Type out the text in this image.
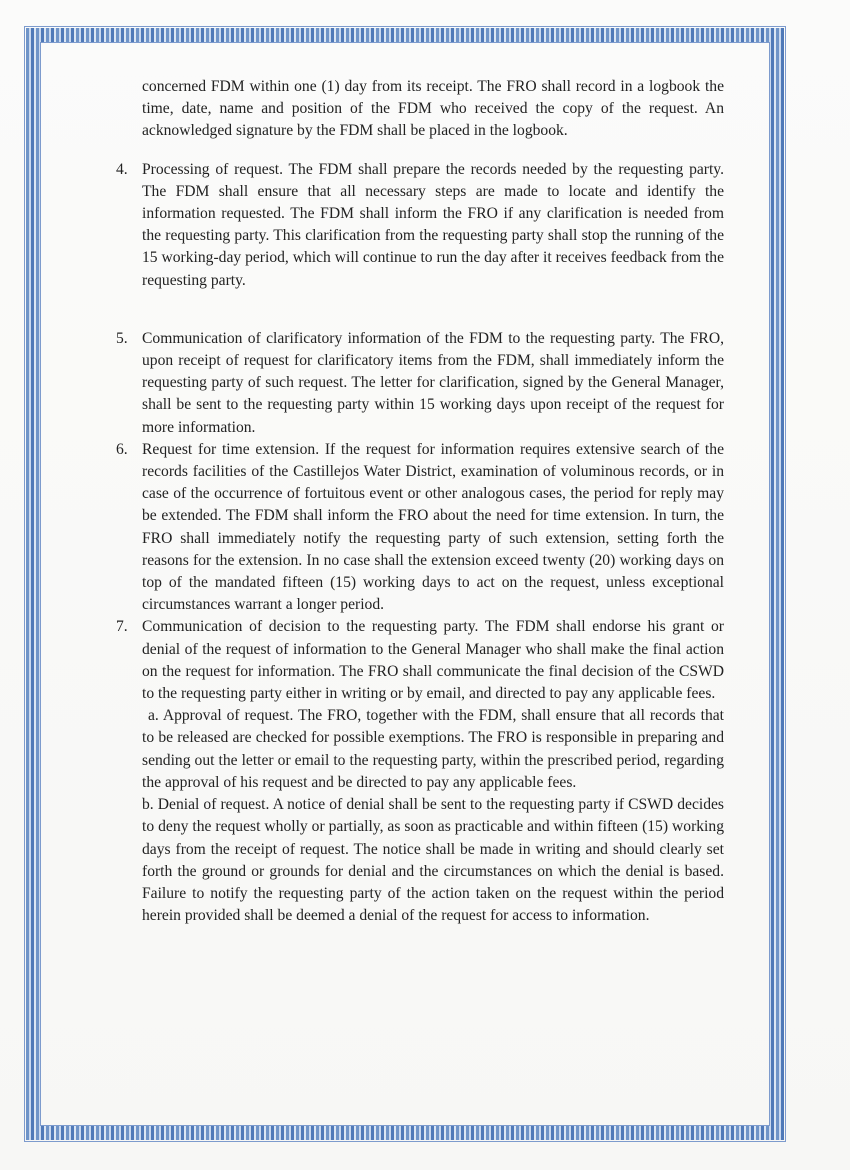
concerned FDM within one (1) day from its receipt. The FRO shall record in a logbook the time, date, name and position of the FDM who received the copy of the request. An acknowledged signature by the FDM shall be placed in the logbook.

4. Processing of request. The FDM shall prepare the records needed by the requesting party. The FDM shall ensure that all necessary steps are made to locate and identify the information requested. The FDM shall inform the FRO if any clarification is needed from the requesting party. This clarification from the requesting party shall stop the running of the 15 working-day period, which will continue to run the day after it receives feedback from the requesting party.

5. Communication of clarificatory information of the FDM to the requesting party. The FRO, upon receipt of request for clarificatory items from the FDM, shall immediately inform the requesting party of such request. The letter for clarification, signed by the General Manager, shall be sent to the requesting party within 15 working days upon receipt of the request for more information.

6. Request for time extension. If the request for information requires extensive search of the records facilities of the Castillejos Water District, examination of voluminous records, or in case of the occurrence of fortuitous event or other analogous cases, the period for reply may be extended. The FDM shall inform the FRO about the need for time extension. In turn, the FRO shall immediately notify the requesting party of such extension, setting forth the reasons for the extension. In no case shall the extension exceed twenty (20) working days on top of the mandated fifteen (15) working days to act on the request, unless exceptional circumstances warrant a longer period.

7. Communication of decision to the requesting party. The FDM shall endorse his grant or denial of the request of information to the General Manager who shall make the final action on the request for information. The FRO shall communicate the final decision of the CSWD to the requesting party either in writing or by email, and directed to pay any applicable fees.

a. Approval of request. The FRO, together with the FDM, shall ensure that all records that to be released are checked for possible exemptions. The FRO is responsible in preparing and sending out the letter or email to the requesting party, within the prescribed period, regarding the approval of his request and be directed to pay any applicable fees.

b. Denial of request. A notice of denial shall be sent to the requesting party if CSWD decides to deny the request wholly or partially, as soon as practicable and within fifteen (15) working days from the receipt of request. The notice shall be made in writing and should clearly set forth the ground or grounds for denial and the circumstances on which the denial is based. Failure to notify the requesting party of the action taken on the request within the period herein provided shall be deemed a denial of the request for access to information.
